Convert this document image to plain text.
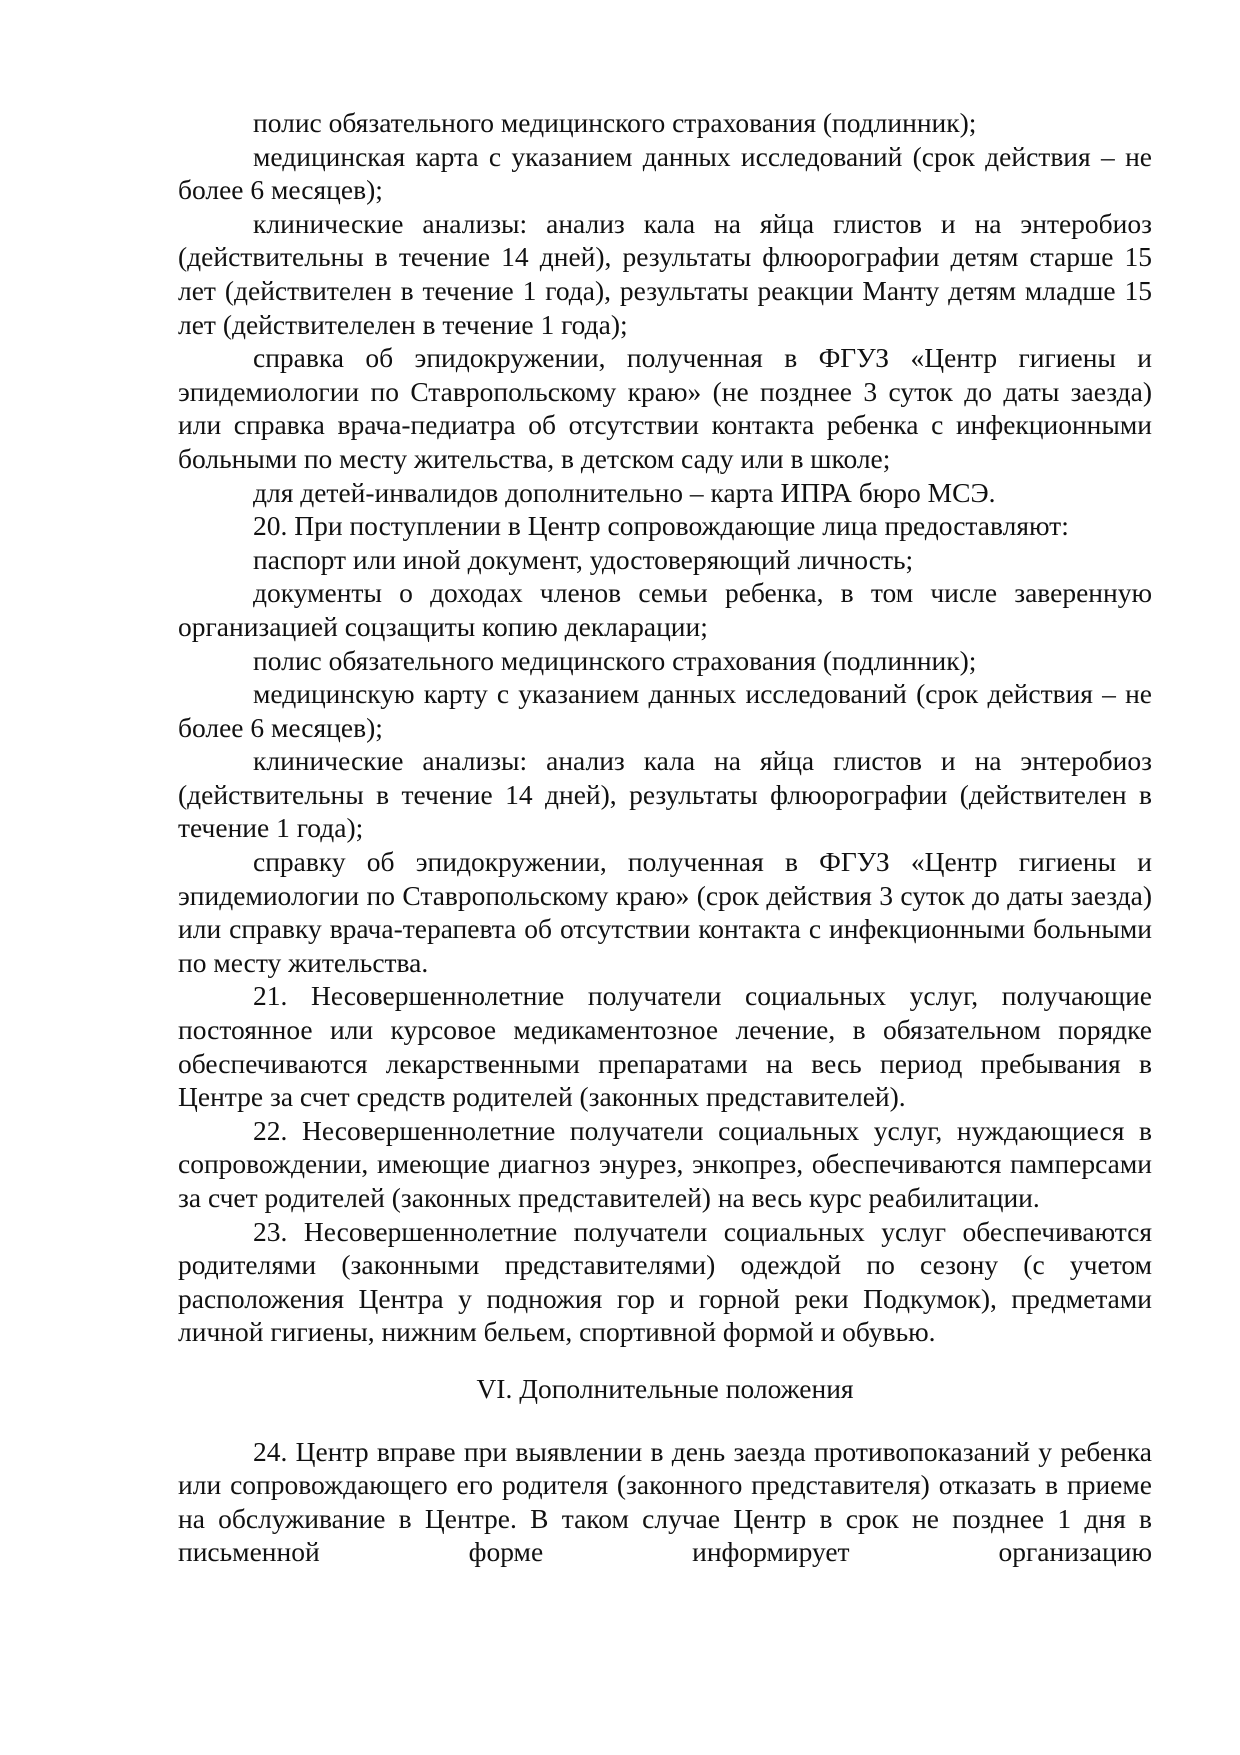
полис обязательного медицинского страхования (подлинник);

медицинская карта с указанием данных исследований (срок действия – не более 6 месяцев);

клинические анализы: анализ кала на яйца глистов и на энтеробиоз (действительны в течение 14 дней), результаты флюорографии детям старше 15 лет (действителен в течение 1 года), результаты реакции Манту детям младше 15 лет (действителелен в течение 1 года);

справка об эпидокружении, полученная в ФГУЗ «Центр гигиены и эпидемиологии по Ставропольскому краю» (не позднее 3 суток до даты заезда) или справка врача-педиатра об отсутствии контакта ребенка с инфекционными больными по месту жительства, в детском саду или в школе;

для детей-инвалидов дополнительно – карта ИПРА бюро МСЭ.

20. При поступлении в Центр сопровождающие лица предоставляют:

паспорт или иной документ, удостоверяющий личность;

документы о доходах членов семьи ребенка, в том числе заверенную организацией соцзащиты копию декларации;

полис обязательного медицинского страхования (подлинник);

медицинскую карту с указанием данных исследований (срок действия – не более 6 месяцев);

клинические анализы: анализ кала на яйца глистов и на энтеробиоз (действительны в течение 14 дней), результаты флюорографии (действителен в течение 1 года);

справку об эпидокружении, полученная в ФГУЗ «Центр гигиены и эпидемиологии по Ставропольскому краю» (срок действия 3 суток до даты заезда) или справку врача-терапевта об отсутствии контакта с инфекционными больными по месту жительства.

21. Несовершеннолетние получатели социальных услуг, получающие постоянное или курсовое медикаментозное лечение, в обязательном порядке обеспечиваются лекарственными препаратами на весь период пребывания в Центре за счет средств родителей (законных представителей).

22. Несовершеннолетние получатели социальных услуг, нуждающиеся в сопровождении, имеющие диагноз энурез, энкопрез, обеспечиваются памперсами за счет родителей (законных представителей) на весь курс реабилитации.

23. Несовершеннолетние получатели социальных услуг обеспечиваются родителями (законными представителями) одеждой по сезону (с учетом расположения Центра у подножия гор и горной реки Подкумок), предметами личной гигиены, нижним бельем, спортивной формой и обувью.

VI. Дополнительные положения

24. Центр вправе при выявлении в день заезда противопоказаний у ребенка или сопровождающего его родителя (законного представителя) отказать в приеме на обслуживание в Центре. В таком случае Центр в срок не позднее 1 дня в письменной форме информирует организацию
